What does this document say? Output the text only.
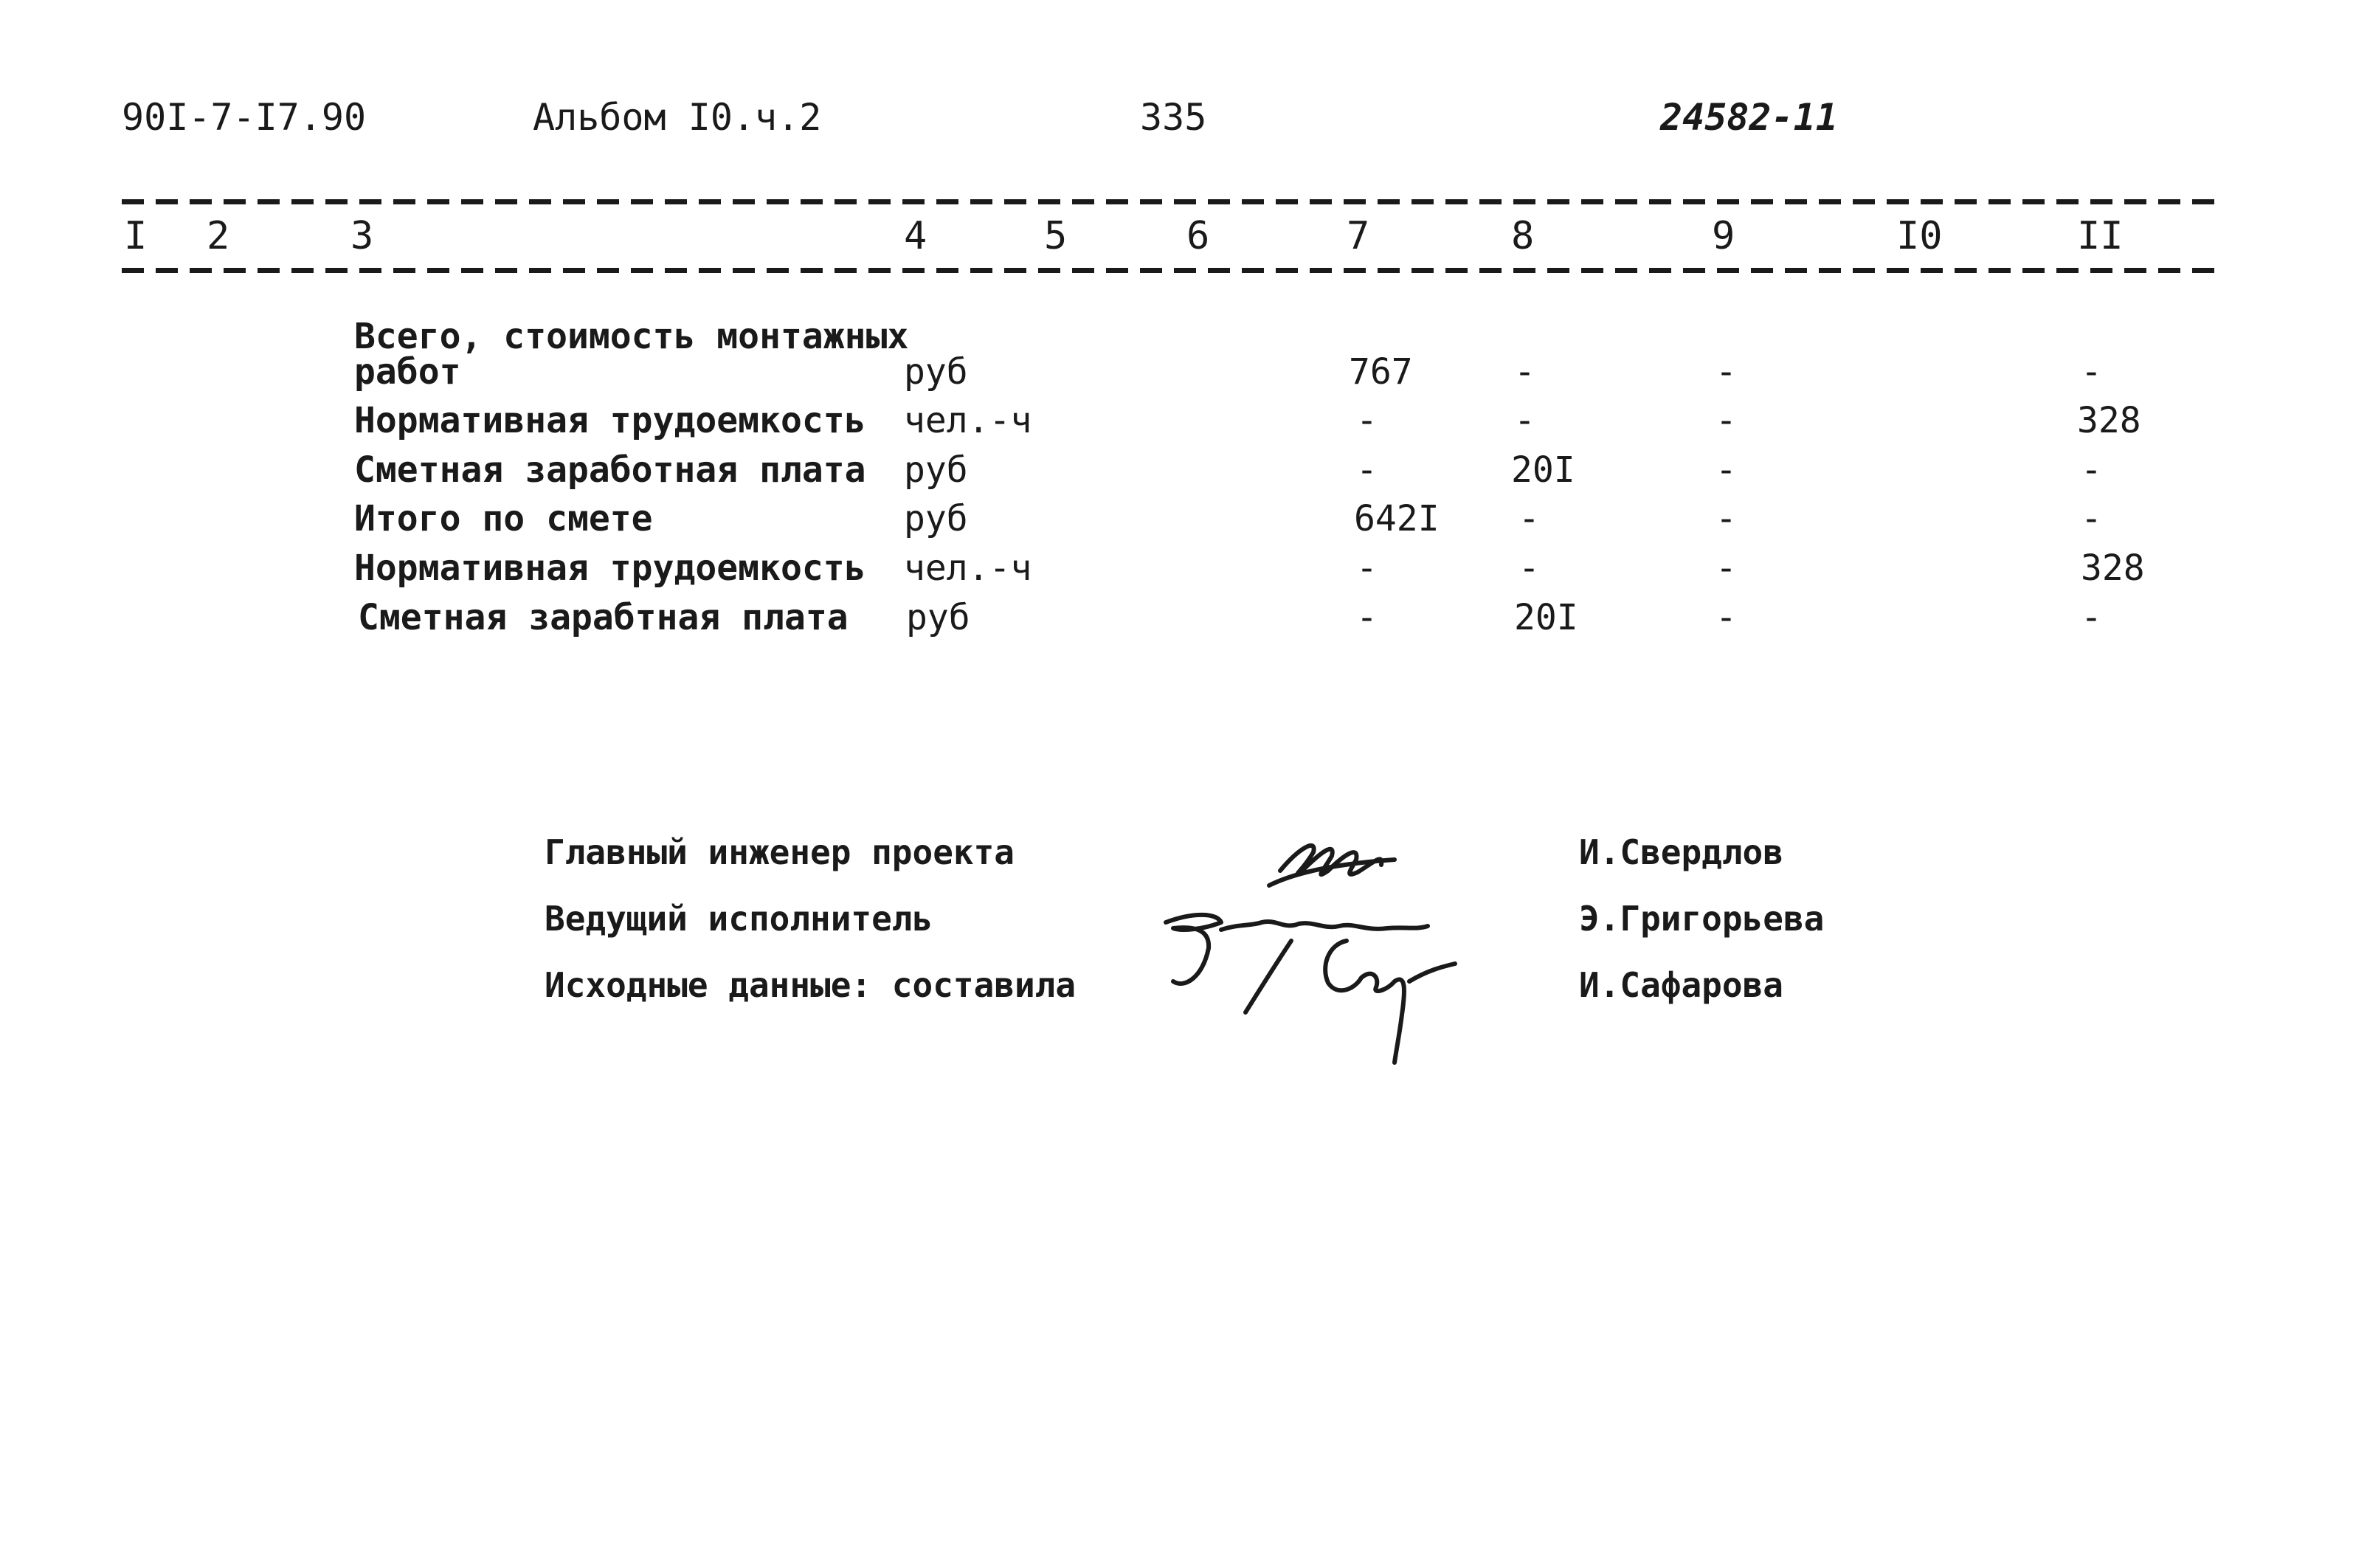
90I-7-I7.90	Альбом I0.ч.2	335	24582-11
I 2	3	4	5	6	7	8	9	I0	II
Всего, стоимость монтажных
работ	руб	767	-	-	-
Нормативная трудоемкость чел.-ч	-	-	-	328
Сметная заработная плата руб	-	20I	-	-
Итого по смете	руб	642I -	-	-
Нормативная трудоемкость чел.-ч	-	-	-	328
Сметная зарабтная плата руб	-	20I	-	-
Главный инженер проекта	И.Свердлов
Ведущий исполнитель	Э.Григорьева
Исходные данные: составила	И.Сафарова
